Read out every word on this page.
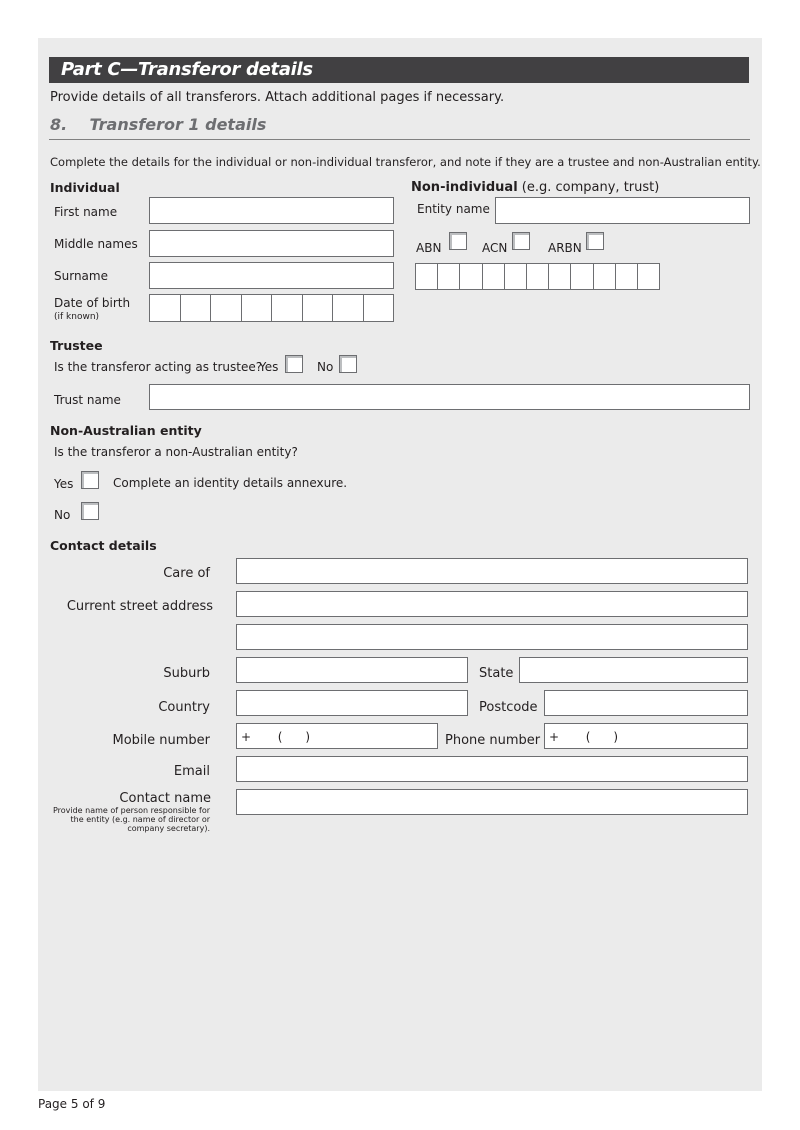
Part C—Transferor details
Provide details of all transferors. Attach additional pages if necessary.
8.    Transferor 1 details
Complete the details for the individual or non-individual transferor, and note if they are a trustee and non-Australian entity.
Individual
First name
Middle names
Surname
Date of birth
(if known)
Non-individual (e.g. company, trust)
Entity name
ABN	ACN	ARBN
Trustee
Is the transferor acting as trustee?
Yes	No
Trust name
Non-Australian entity
Is the transferor a non-Australian entity?
Yes	Complete an identity details annexure.
No
Contact details
Care of
Current street address
Suburb	State
Country	Postcode
Mobile number	+       (      )	Phone number +       (      )
Email
Contact name
Provide name of person responsible for the entity (e.g. name of director or company secretary).
Page 5 of 9
